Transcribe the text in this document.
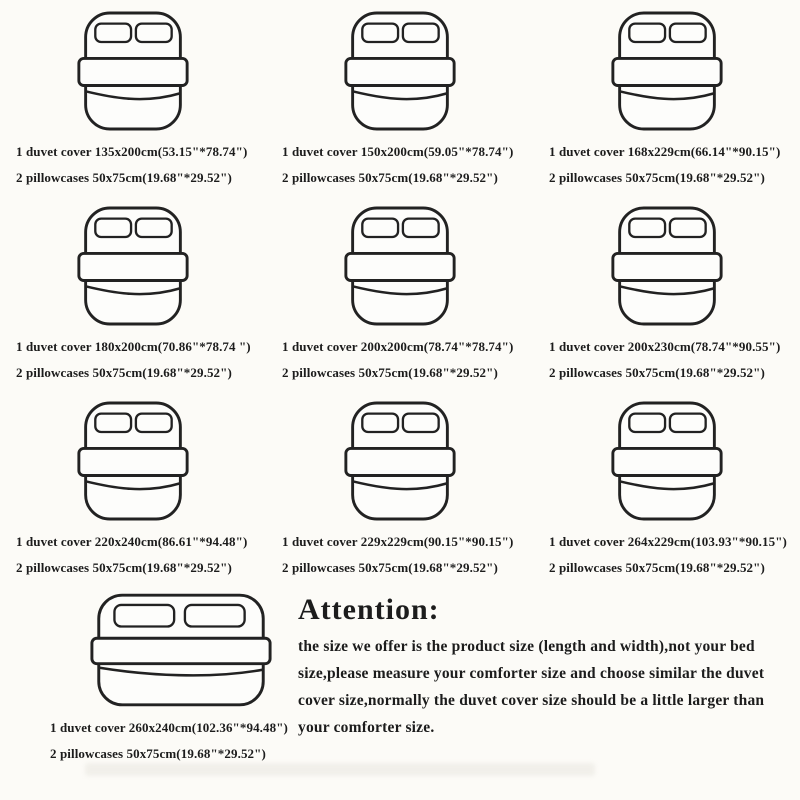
1 duvet cover 135x200cm(53.15"*78.74")
2 pillowcases 50x75cm(19.68"*29.52")
1 duvet cover 150x200cm(59.05"*78.74")
2 pillowcases 50x75cm(19.68"*29.52")
1 duvet cover 168x229cm(66.14"*90.15")
2 pillowcases 50x75cm(19.68"*29.52")
1 duvet cover 180x200cm(70.86"*78.74 ")
2 pillowcases 50x75cm(19.68"*29.52")
1 duvet cover 200x200cm(78.74"*78.74")
2 pillowcases 50x75cm(19.68"*29.52")
1 duvet cover 200x230cm(78.74"*90.55")
2 pillowcases 50x75cm(19.68"*29.52")
1 duvet cover 220x240cm(86.61"*94.48")
2 pillowcases 50x75cm(19.68"*29.52")
1 duvet cover 229x229cm(90.15"*90.15")
2 pillowcases 50x75cm(19.68"*29.52")
1 duvet cover 264x229cm(103.93"*90.15")
2 pillowcases 50x75cm(19.68"*29.52")
1 duvet cover 260x240cm(102.36"*94.48")
2 pillowcases 50x75cm(19.68"*29.52")
Attention:
the size we offer is the product size (length and width),not your bed size,please measure your comforter size and choose similar the duvet cover size,normally the duvet cover size should be a little larger than your comforter size.
